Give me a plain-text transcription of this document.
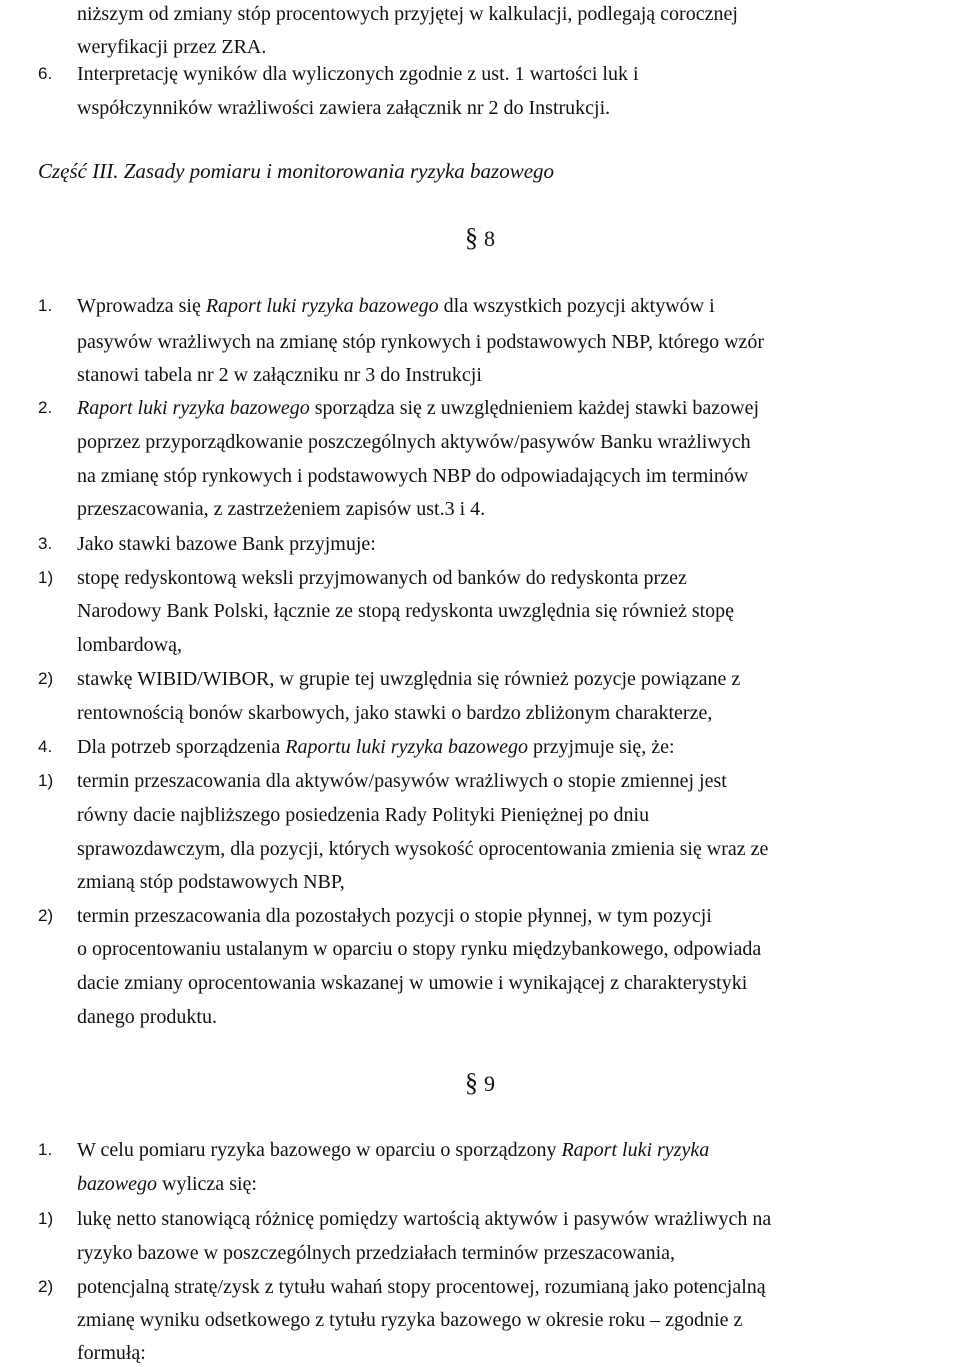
niższym od zmiany stóp procentowych przyjętej w kalkulacji, podlegają corocznej
weryfikacji przez ZRA.
6. Interpretację wyników dla wyliczonych zgodnie z ust. 1 wartości luk i
współczynników wrażliwości zawiera załącznik nr 2 do Instrukcji.
Część III. Zasady pomiaru i monitorowania ryzyka bazowego
§ 8
1. Wprowadza się Raport luki ryzyka bazowego dla wszystkich pozycji aktywów i
pasywów wrażliwych na zmianę stóp rynkowych i podstawowych NBP, którego wzór
stanowi tabela nr 2 w załączniku nr 3 do Instrukcji
2. Raport luki ryzyka bazowego sporządza się z uwzględnieniem każdej stawki bazowej
poprzez przyporządkowanie poszczególnych aktywów/pasywów Banku wrażliwych
na zmianę stóp rynkowych i podstawowych NBP do odpowiadających im terminów
przeszacowania, z zastrzeżeniem zapisów ust.3 i 4.
3. Jako stawki bazowe Bank przyjmuje:
1) stopę redyskontową weksli przyjmowanych od banków do redyskonta przez
Narodowy Bank Polski, łącznie ze stopą redyskonta uwzględnia się również stopę
lombardową,
2) stawkę WIBID/WIBOR, w grupie tej uwzględnia się również pozycje powiązane z
rentownością bonów skarbowych, jako stawki o bardzo zbliżonym charakterze,
4. Dla potrzeb sporządzenia Raportu luki ryzyka bazowego przyjmuje się, że:
1) termin przeszacowania dla aktywów/pasywów wrażliwych o stopie zmiennej jest
równy dacie najbliższego posiedzenia Rady Polityki Pieniężnej po dniu
sprawozdawczym, dla pozycji, których wysokość oprocentowania zmienia się wraz ze
zmianą stóp podstawowych NBP,
2) termin przeszacowania dla pozostałych pozycji o stopie płynnej, w tym pozycji
o oprocentowaniu ustalanym w oparciu o stopy rynku międzybankowego, odpowiada
dacie zmiany oprocentowania wskazanej w umowie i wynikającej z charakterystyki
danego produktu.
§ 9
1. W celu pomiaru ryzyka bazowego w oparciu o sporządzony Raport luki ryzyka
bazowego wylicza się:
1) lukę netto stanowiącą różnicę pomiędzy wartością aktywów i pasywów wrażliwych na
ryzyko bazowe w poszczególnych przedziałach terminów przeszacowania,
2) potencjalną stratę/zysk z tytułu wahań stopy procentowej, rozumianą jako potencjalną
zmianę wyniku odsetkowego z tytułu ryzyka bazowego w okresie roku – zgodnie z
formułą:
